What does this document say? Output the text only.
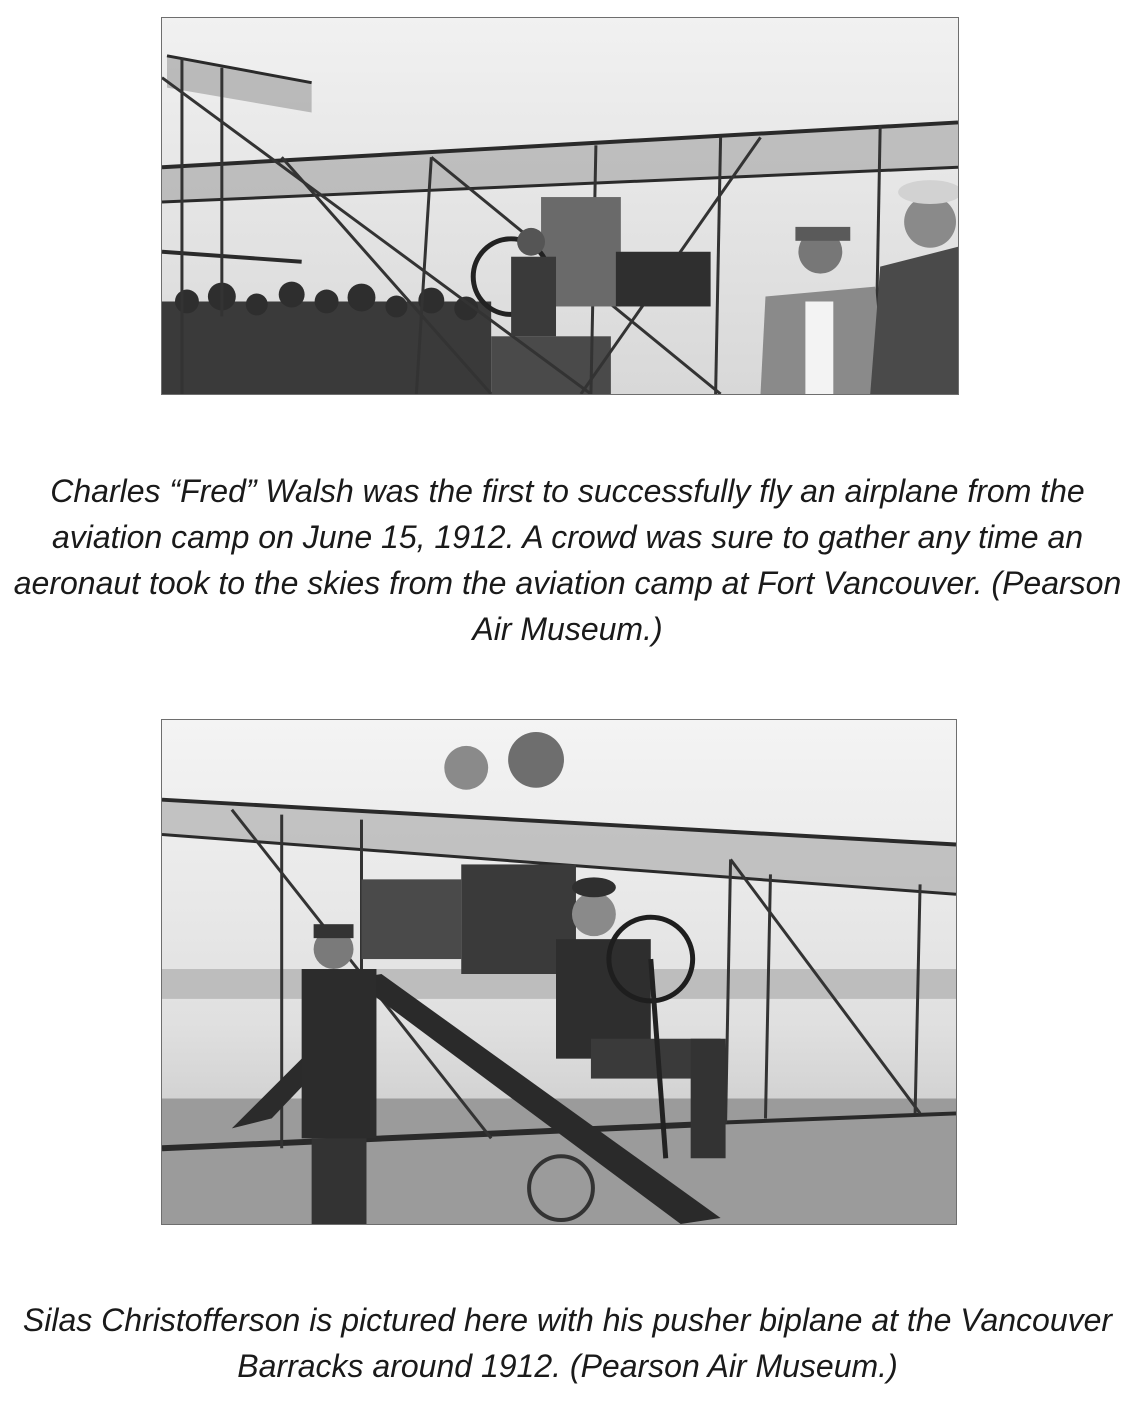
Charles “Fred” Walsh was the first to successfully fly an airplane from the aviation camp on June 15, 1912. A crowd was sure to gather any time an aeronaut took to the skies from the aviation camp at Fort Vancouver. (Pearson Air Museum.)

Silas Christofferson is pictured here with his pusher biplane at the Vancouver Barracks around 1912. (Pearson Air Museum.)
